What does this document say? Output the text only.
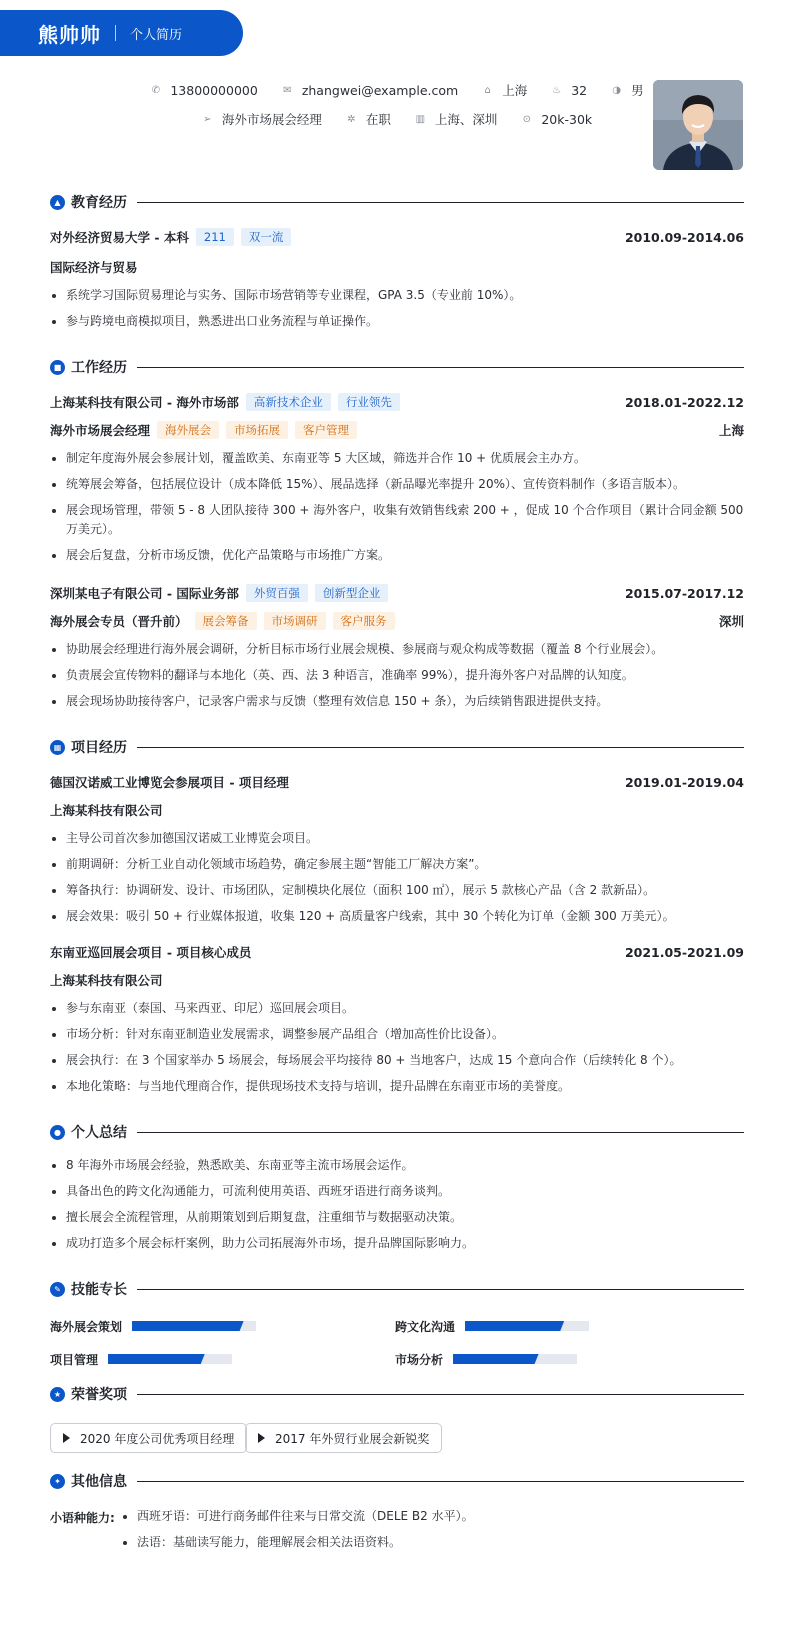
熊帅帅 个人简历
✆ 13800000000	✉ zhangwei@example.com	⌂ 上海	♨ 32	◑ 男
➢ 海外市场展会经理	✲ 在职 ▥ 上海、深圳	⊙ 20k-30k
▲ 教育经历
对外经济贸易大学 - 本科	211	双一流	2010.09-2014.06
国际经济与贸易
系统学习国际贸易理论与实务、国际市场营销等专业课程，GPA 3.5（专业前 10%）。
参与跨境电商模拟项目，熟悉进出口业务流程与单证操作。
■ 工作经历
上海某科技有限公司 - 海外市场部	高新技术企业	行业领先	2018.01-2022.12
海外市场展会经理	海外展会	市场拓展	客户管理	上海
制定年度海外展会参展计划，覆盖欧美、东南亚等 5 大区域，筛选并合作 10 + 优质展会主办方。
统筹展会筹备，包括展位设计（成本降低 15%）、展品选择（新品曝光率提升 20%）、宣传资料制作（多语言版本）。
展会现场管理，带领 5 - 8 人团队接待 300 + 海外客户，收集有效销售线索 200 + ，促成 10 个合作项目（累计合同金额 500 万美元）。
展会后复盘，分析市场反馈，优化产品策略与市场推广方案。
深圳某电子有限公司 - 国际业务部	外贸百强	创新型企业	2015.07-2017.12
海外展会专员（晋升前）	展会筹备	市场调研	客户服务	深圳
协助展会经理进行海外展会调研，分析目标市场行业展会规模、参展商与观众构成等数据（覆盖 8 个行业展会）。
负责展会宣传物料的翻译与本地化（英、西、法 3 种语言，准确率 99%），提升海外客户对品牌的认知度。
展会现场协助接待客户，记录客户需求与反馈（整理有效信息 150 + 条），为后续销售跟进提供支持。
▦ 项目经历
德国汉诺威工业博览会参展项目 - 项目经理	2019.01-2019.04
上海某科技有限公司
主导公司首次参加德国汉诺威工业博览会项目。
前期调研：分析工业自动化领域市场趋势，确定参展主题“智能工厂解决方案”。
筹备执行：协调研发、设计、市场团队，定制模块化展位（面积 100 ㎡），展示 5 款核心产品（含 2 款新品）。
展会效果：吸引 50 + 行业媒体报道，收集 120 + 高质量客户线索，其中 30 个转化为订单（金额 300 万美元）。
东南亚巡回展会项目 - 项目核心成员	2021.05-2021.09
上海某科技有限公司
参与东南亚（泰国、马来西亚、印尼）巡回展会项目。
市场分析：针对东南亚制造业发展需求，调整参展产品组合（增加高性价比设备）。
展会执行：在 3 个国家举办 5 场展会，每场展会平均接待 80 + 当地客户，达成 15 个意向合作（后续转化 8 个）。
本地化策略：与当地代理商合作，提供现场技术支持与培训，提升品牌在东南亚市场的美誉度。
● 个人总结
8 年海外市场展会经验，熟悉欧美、东南亚等主流市场展会运作。
具备出色的跨文化沟通能力，可流利使用英语、西班牙语进行商务谈判。
擅长展会全流程管理，从前期策划到后期复盘，注重细节与数据驱动决策。
成功打造多个展会标杆案例，助力公司拓展海外市场，提升品牌国际影响力。
✎ 技能专长
海外展会策划	跨文化沟通
项目管理	市场分析
★ 荣誉奖项
2020 年度公司优秀项目经理	2017 年外贸行业展会新锐奖
✦ 其他信息
小语种能力:	西班牙语：可进行商务邮件往来与日常交流（DELE B2 水平）。
法语：基础读写能力，能理解展会相关法语资料。
